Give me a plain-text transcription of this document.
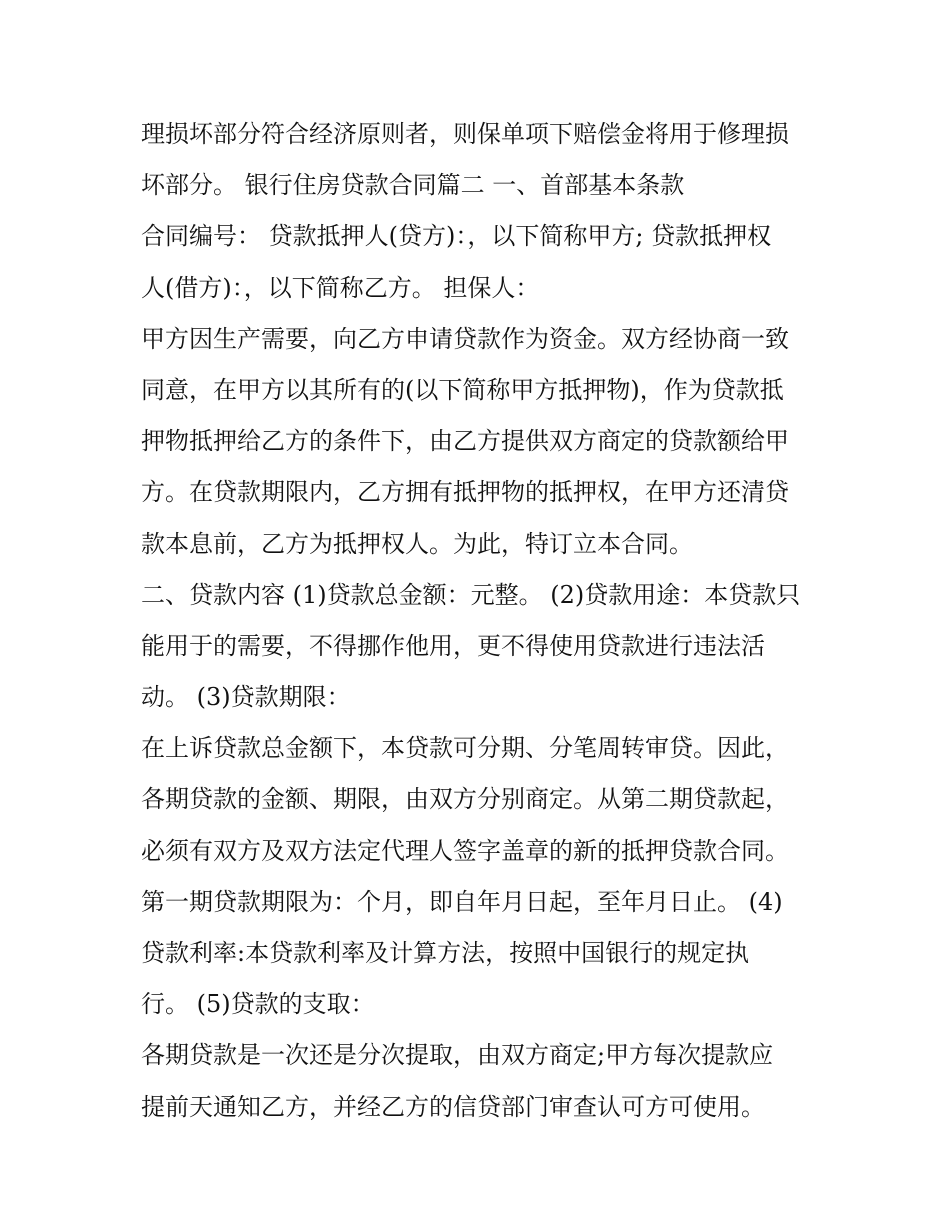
理损坏部分符合经济原则者，则保单项下赔偿金将用于修理损
坏部分。 银行住房贷款合同篇二 一、首部基本条款
合同编号： 贷款抵押人(贷方)：，以下简称甲方; 贷款抵押权
人(借方)：，以下简称乙方。 担保人：
甲方因生产需要，向乙方申请贷款作为资金。双方经协商一致
同意，在甲方以其所有的(以下简称甲方抵押物)，作为贷款抵
押物抵押给乙方的条件下，由乙方提供双方商定的贷款额给甲
方。在贷款期限内，乙方拥有抵押物的抵押权，在甲方还清贷
款本息前，乙方为抵押权人。为此，特订立本合同。
二、贷款内容 (1)贷款总金额：元整。 (2)贷款用途：本贷款只
能用于的需要，不得挪作他用，更不得使用贷款进行违法活
动。 (3)贷款期限：
在上诉贷款总金额下，本贷款可分期、分笔周转审贷。因此，
各期贷款的金额、期限，由双方分别商定。从第二期贷款起，
必须有双方及双方法定代理人签字盖章的新的抵押贷款合同。
第一期贷款期限为：个月，即自年月日起，至年月日止。 (4)
贷款利率:本贷款利率及计算方法，按照中国银行的规定执
行。 (5)贷款的支取：
各期贷款是一次还是分次提取，由双方商定;甲方每次提款应
提前天通知乙方，并经乙方的信贷部门审查认可方可使用。
